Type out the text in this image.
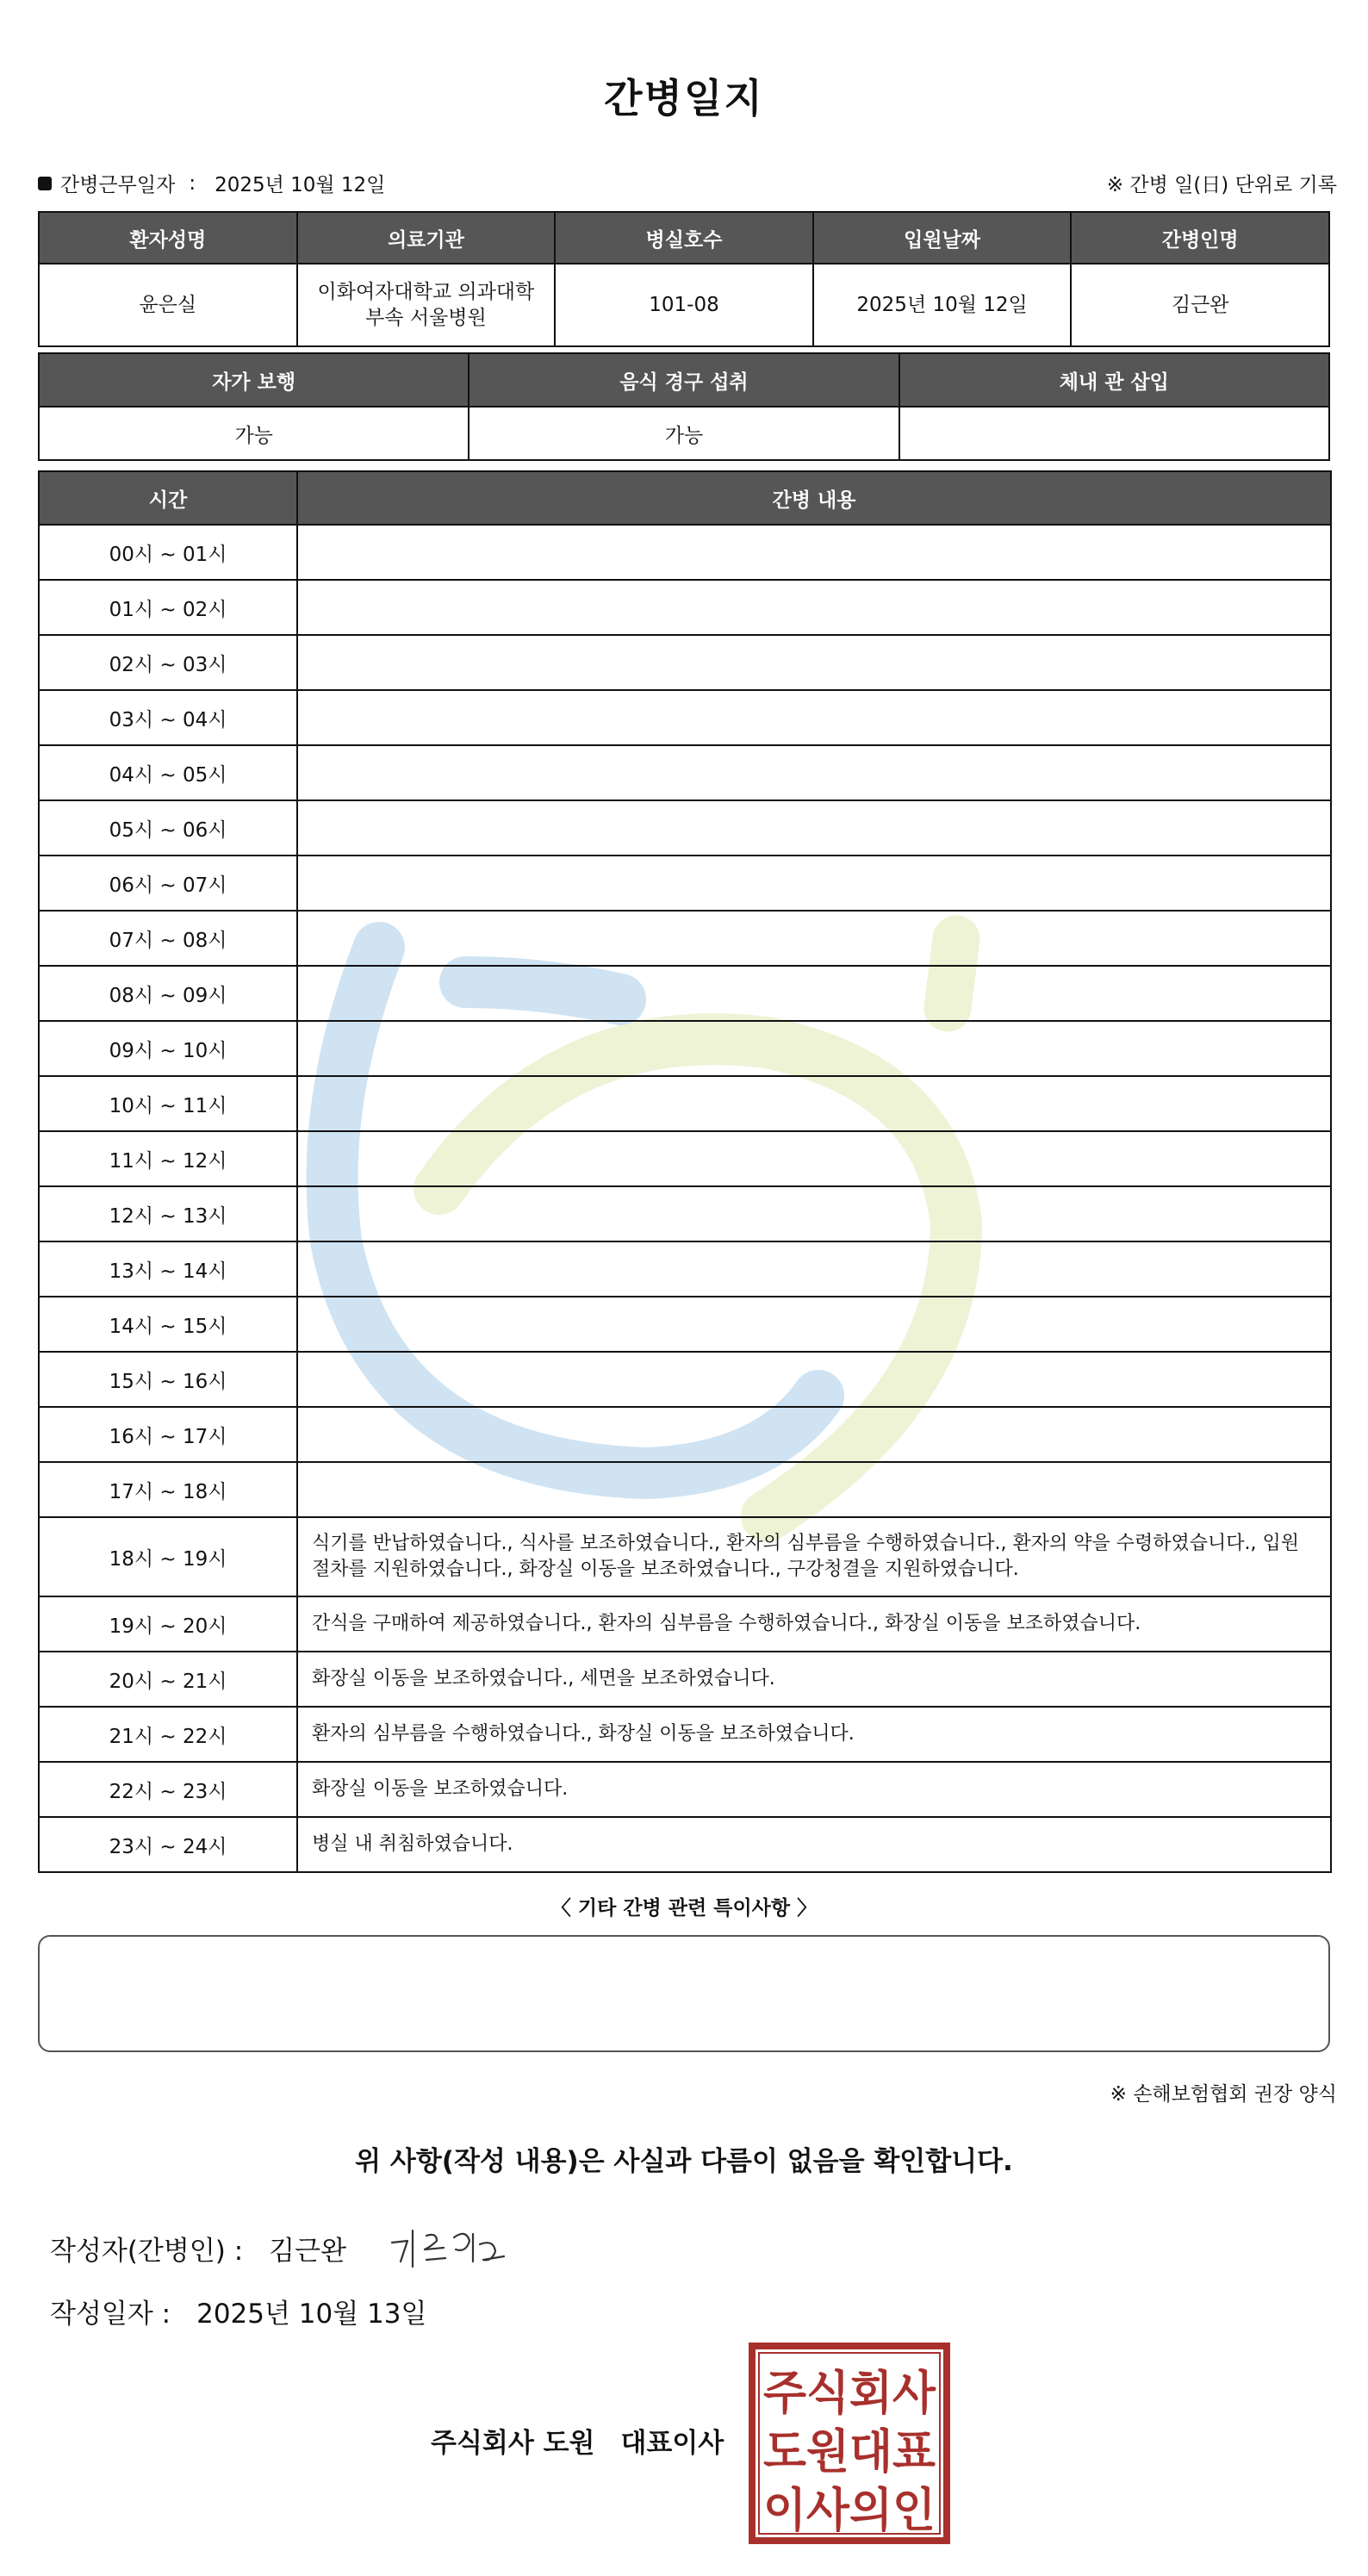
간병일지
간병근무일자 : 2025년 10월 12일	※ 간병 일(日) 단위로 기록
환자성명	의료기관	병실호수	입원날짜	간병인명
윤은실	이화여자대학교 의과대학부속 서울병원	101-08	2025년 10월 12일	김근완
자가 보행	음식 경구 섭취	체내 관 삽입
가능	가능	
시간	간병 내용
00시 ~ 01시	
01시 ~ 02시	
02시 ~ 03시	
03시 ~ 04시	
04시 ~ 05시	
05시 ~ 06시	
06시 ~ 07시	
07시 ~ 08시	
08시 ~ 09시	
09시 ~ 10시	
10시 ~ 11시	
11시 ~ 12시	
12시 ~ 13시	
13시 ~ 14시	
14시 ~ 15시	
15시 ~ 16시	
16시 ~ 17시	
17시 ~ 18시	
18시 ~ 19시	식기를 반납하였습니다., 식사를 보조하였습니다., 환자의 심부름을 수행하였습니다., 환자의 약을 수령하였습니다., 입원절차를 지원하였습니다., 화장실 이동을 보조하였습니다., 구강청결을 지원하였습니다.
19시 ~ 20시	간식을 구매하여 제공하였습니다., 환자의 심부름을 수행하였습니다., 화장실 이동을 보조하였습니다.
20시 ~ 21시	화장실 이동을 보조하였습니다., 세면을 보조하였습니다.
21시 ~ 22시	환자의 심부름을 수행하였습니다., 화장실 이동을 보조하였습니다.
22시 ~ 23시	화장실 이동을 보조하였습니다.
23시 ~ 24시	병실 내 취침하였습니다.
〈 기타 간병 관련 특이사항 〉
※ 손해보험협회 권장 양식
위 사항(작성 내용)은 사실과 다름이 없음을 확인합니다.
작성자(간병인) : 김근완
작성일자 : 2025년 10월 13일
주식회사 도원 대표이사
주식회사
도원대표
이사의인
